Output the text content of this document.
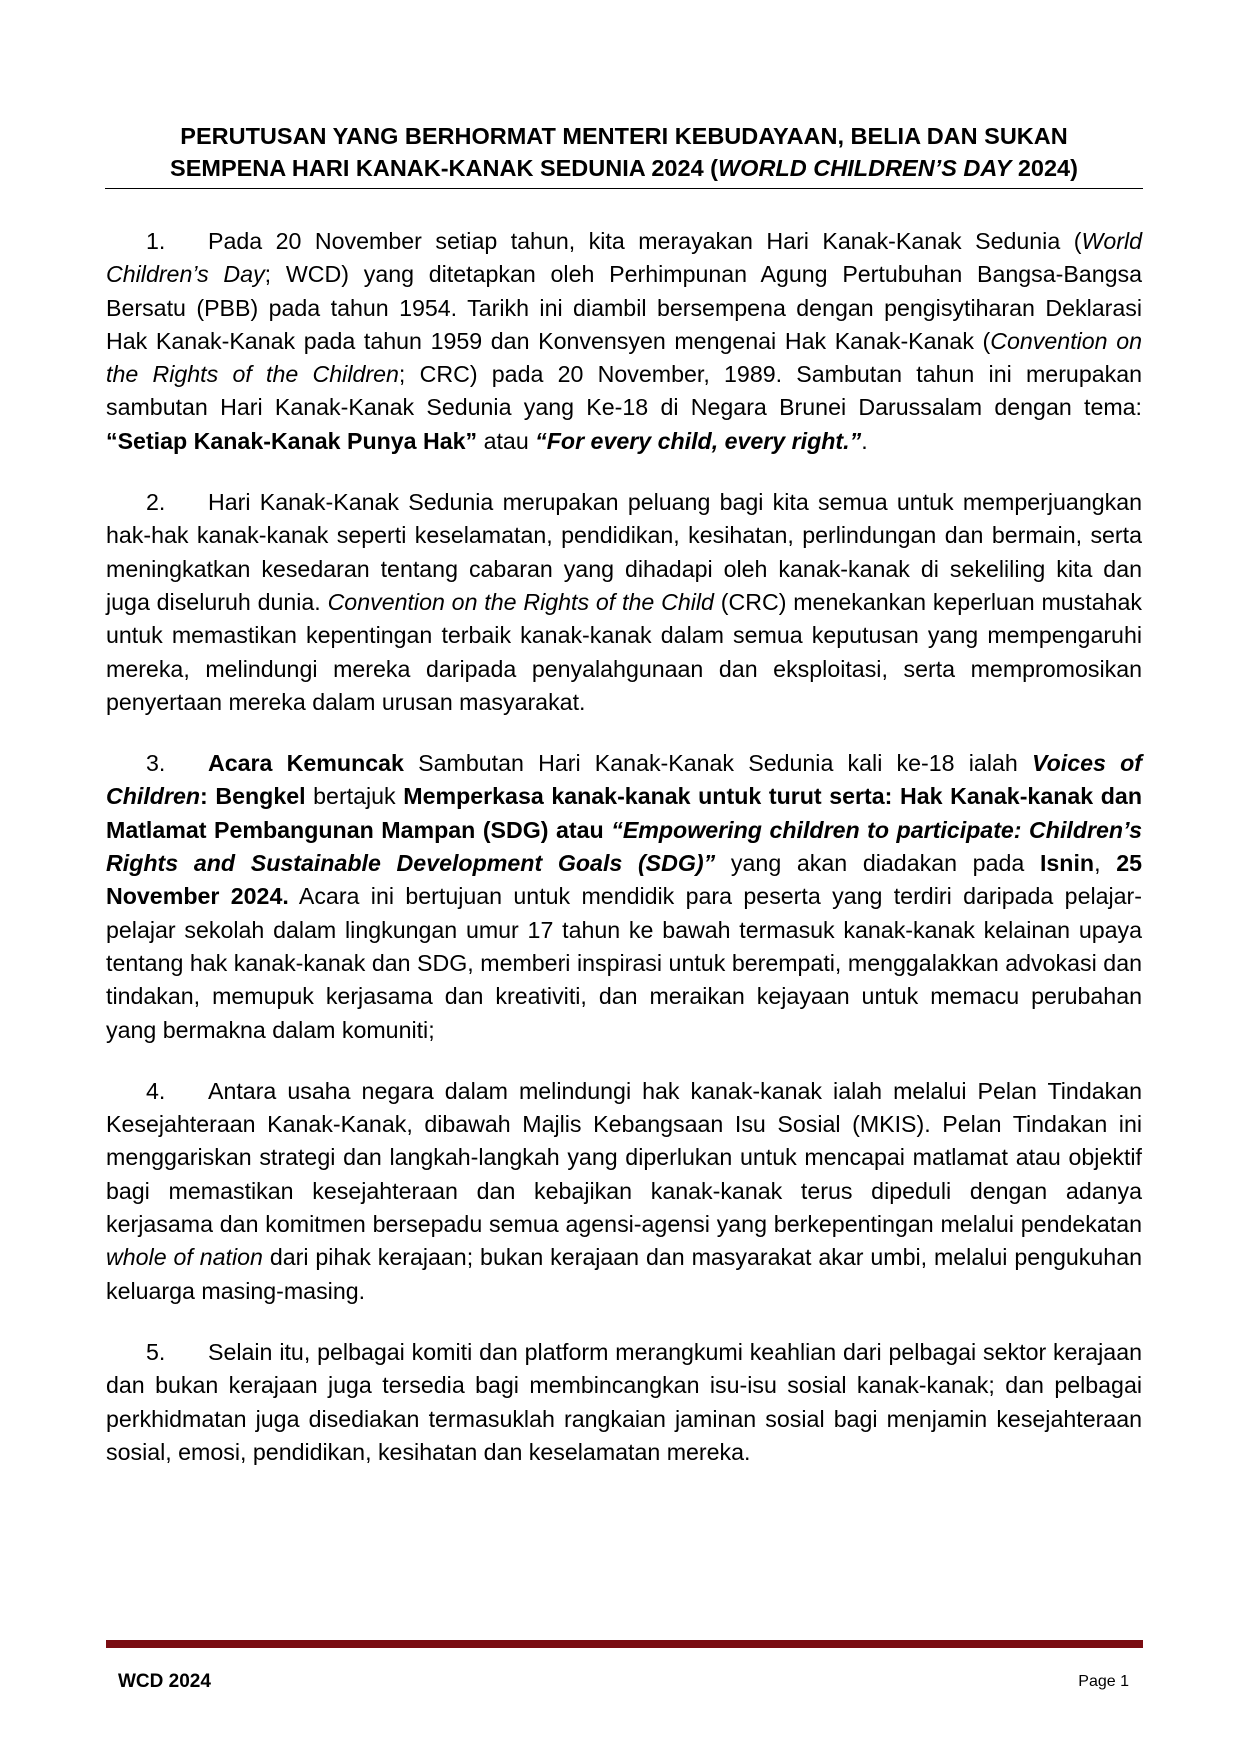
PERUTUSAN YANG BERHORMAT MENTERI KEBUDAYAAN, BELIA DAN SUKAN
SEMPENA HARI KANAK-KANAK SEDUNIA 2024 (WORLD CHILDREN’S DAY 2024)

1. Pada 20 November setiap tahun, kita merayakan Hari Kanak-Kanak Sedunia (World Children’s Day; WCD) yang ditetapkan oleh Perhimpunan Agung Pertubuhan Bangsa-Bangsa Bersatu (PBB) pada tahun 1954. Tarikh ini diambil bersempena dengan pengisytiharan Deklarasi Hak Kanak-Kanak pada tahun 1959 dan Konvensyen mengenai Hak Kanak-Kanak (Convention on the Rights of the Children; CRC) pada 20 November, 1989. Sambutan tahun ini merupakan sambutan Hari Kanak-Kanak Sedunia yang Ke-18 di Negara Brunei Darussalam dengan tema: “Setiap Kanak-Kanak Punya Hak” atau “For every child, every right.”.

2. Hari Kanak-Kanak Sedunia merupakan peluang bagi kita semua untuk memperjuangkan hak-hak kanak-kanak seperti keselamatan, pendidikan, kesihatan, perlindungan dan bermain, serta meningkatkan kesedaran tentang cabaran yang dihadapi oleh kanak-kanak di sekeliling kita dan juga diseluruh dunia. Convention on the Rights of the Child (CRC) menekankan keperluan mustahak untuk memastikan kepentingan terbaik kanak-kanak dalam semua keputusan yang mempengaruhi mereka, melindungi mereka daripada penyalahgunaan dan eksploitasi, serta mempromosikan penyertaan mereka dalam urusan masyarakat.

3. Acara Kemuncak Sambutan Hari Kanak-Kanak Sedunia kali ke-18 ialah Voices of Children: Bengkel bertajuk Memperkasa kanak-kanak untuk turut serta: Hak Kanak-kanak dan Matlamat Pembangunan Mampan (SDG) atau “Empowering children to participate: Children’s Rights and Sustainable Development Goals (SDG)” yang akan diadakan pada Isnin, 25 November 2024. Acara ini bertujuan untuk mendidik para peserta yang terdiri daripada pelajar-pelajar sekolah dalam lingkungan umur 17 tahun ke bawah termasuk kanak-kanak kelainan upaya tentang hak kanak-kanak dan SDG, memberi inspirasi untuk berempati, menggalakkan advokasi dan tindakan, memupuk kerjasama dan kreativiti, dan meraikan kejayaan untuk memacu perubahan yang bermakna dalam komuniti;

4. Antara usaha negara dalam melindungi hak kanak-kanak ialah melalui Pelan Tindakan Kesejahteraan Kanak-Kanak, dibawah Majlis Kebangsaan Isu Sosial (MKIS). Pelan Tindakan ini menggariskan strategi dan langkah-langkah yang diperlukan untuk mencapai matlamat atau objektif bagi memastikan kesejahteraan dan kebajikan kanak-kanak terus dipeduli dengan adanya kerjasama dan komitmen bersepadu semua agensi-agensi yang berkepentingan melalui pendekatan whole of nation dari pihak kerajaan; bukan kerajaan dan masyarakat akar umbi, melalui pengukuhan keluarga masing-masing.

5. Selain itu, pelbagai komiti dan platform merangkumi keahlian dari pelbagai sektor kerajaan dan bukan kerajaan juga tersedia bagi membincangkan isu-isu sosial kanak-kanak; dan pelbagai perkhidmatan juga disediakan termasuklah rangkaian jaminan sosial bagi menjamin kesejahteraan sosial, emosi, pendidikan, kesihatan dan keselamatan mereka.

WCD 2024	Page 1
